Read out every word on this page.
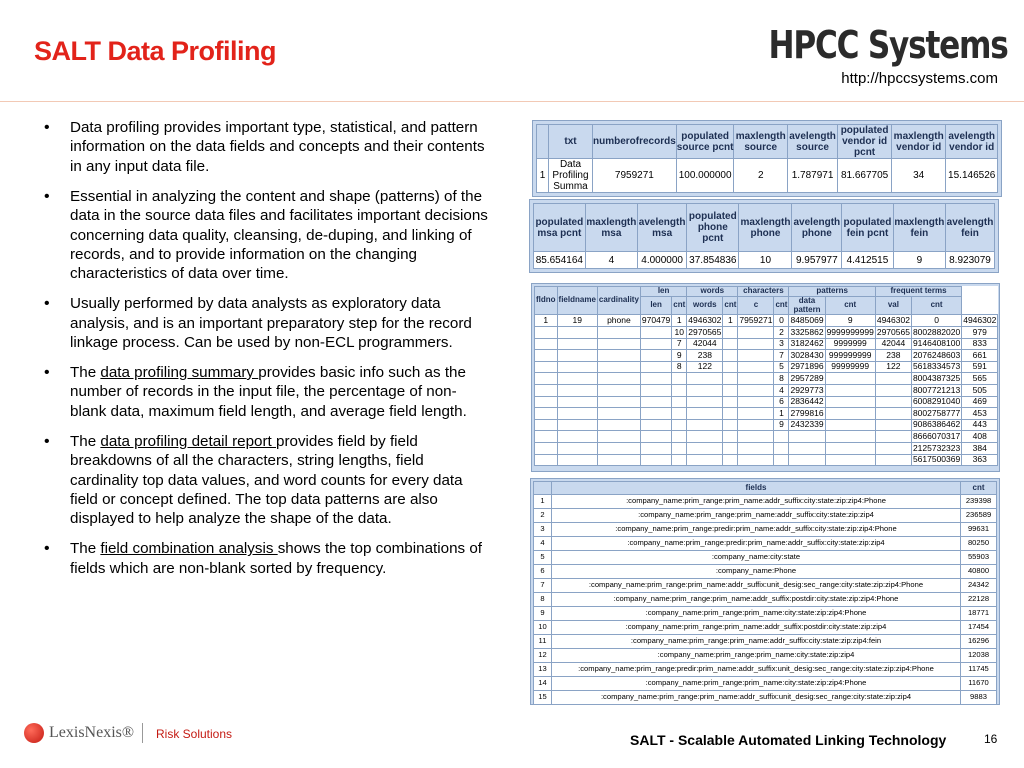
SALT Data Profiling	HPCC Systems
http://hpccsystems.com
• Data profiling provides important type, statistical, and pattern information on the data fields and concepts and their contents in any input data file.
• Essential in analyzing the content and shape (patterns) of the data in the source data files and facilitates important decisions concerning data quality, cleansing, de-duping, and linking of records, and to provide information on the changing characteristics of data over time.
• Usually performed by data analysts as exploratory data analysis, and is an important preparatory step for the record linkage process. Can be used by non-ECL programmers.
• The data profiling summary provides basic info such as the number of records in the input file, the percentage of non-blank data, maximum field length, and average field length.
• The data profiling detail report provides field by field breakdowns of all the characters, string lengths, field cardinality top data values, and word counts for every data field or concept defined. The top data patterns are also displayed to help analyze the shape of the data.
• The field combination analysis shows the top combinations of fields which are non-blank sorted by frequency.
	txt	numberofrecords	populated source pcnt	maxlength source	avelength source	populated vendor id pcnt	maxlength vendor id	avelength vendor id
1	Data Profiling Summa	7959271	100.000000	2	1.787971	81.667705	34	15.146526
populated msa pcnt	maxlength msa	avelength msa	populated phone pcnt	maxlength phone	avelength phone	populated fein pcnt	maxlength fein	avelength fein
85.654164	4	4.000000	37.854836	10	9.957977	4.412515	9	8.923079
fldno	fieldname	cardinality	len		words		characters		patterns		frequent terms		
			len	cnt	words	cnt	c	cnt	data pattern	cnt	val	cnt	
1	19	phone	970479	1	4946302	1	7959271	0	8485069	9	4946302	0	4946302
				10	2970565			2	3325862	9999999999	2970565	8002882020	979
				7	42044			3	3182462	9999999	42044	9146408100	833
				9	238			7	3028430	999999999	238	2076248603	661
				8	122			5	2971896	99999999	122	5618334573	591
								8	2957289			8004387325	565
								4	2929773			8007721213	505
								6	2836442			6008291040	469
								1	2799816			8002758777	453
								9	2432339			9086386462	443
												8666070317	408
												2125732323	384
												5617500369	363
	fields	cnt
1	:company_name:prim_range:prim_name:addr_suffix:city:state:zip:zip4:Phone	239398
2	:company_name:prim_range:prim_name:addr_suffix:city:state:zip:zip4	236589
3	:company_name:prim_range:predir:prim_name:addr_suffix:city:state:zip:zip4:Phone	99631
4	:company_name:prim_range:predir:prim_name:addr_suffix:city:state:zip:zip4	80250
5	:company_name:city:state	55903
6	:company_name:Phone	40800
7	:company_name:prim_range:prim_name:addr_suffix:unit_desig:sec_range:city:state:zip:zip4:Phone	24342
8	:company_name:prim_range:prim_name:addr_suffix:postdir:city:state:zip:zip4:Phone	22128
9	:company_name:prim_range:prim_name:city:state:zip:zip4:Phone	18771
10	:company_name:prim_range:prim_name:addr_suffix:postdir:city:state:zip:zip4	17454
11	:company_name:prim_range:prim_name:addr_suffix:city:state:zip:zip4:fein	16296
12	:company_name:prim_range:prim_name:city:state:zip:zip4	12038
13	:company_name:prim_range:predir:prim_name:addr_suffix:unit_desig:sec_range:city:state:zip:zip4:Phone	11745
14	:company_name:prim_range:prim_name:city:state:zip:zip4:Phone	11670
15	:company_name:prim_range:prim_name:addr_suffix:unit_desig:sec_range:city:state:zip:zip4	9883
LexisNexis® Risk Solutions	SALT - Scalable Automated Linking Technology	16
